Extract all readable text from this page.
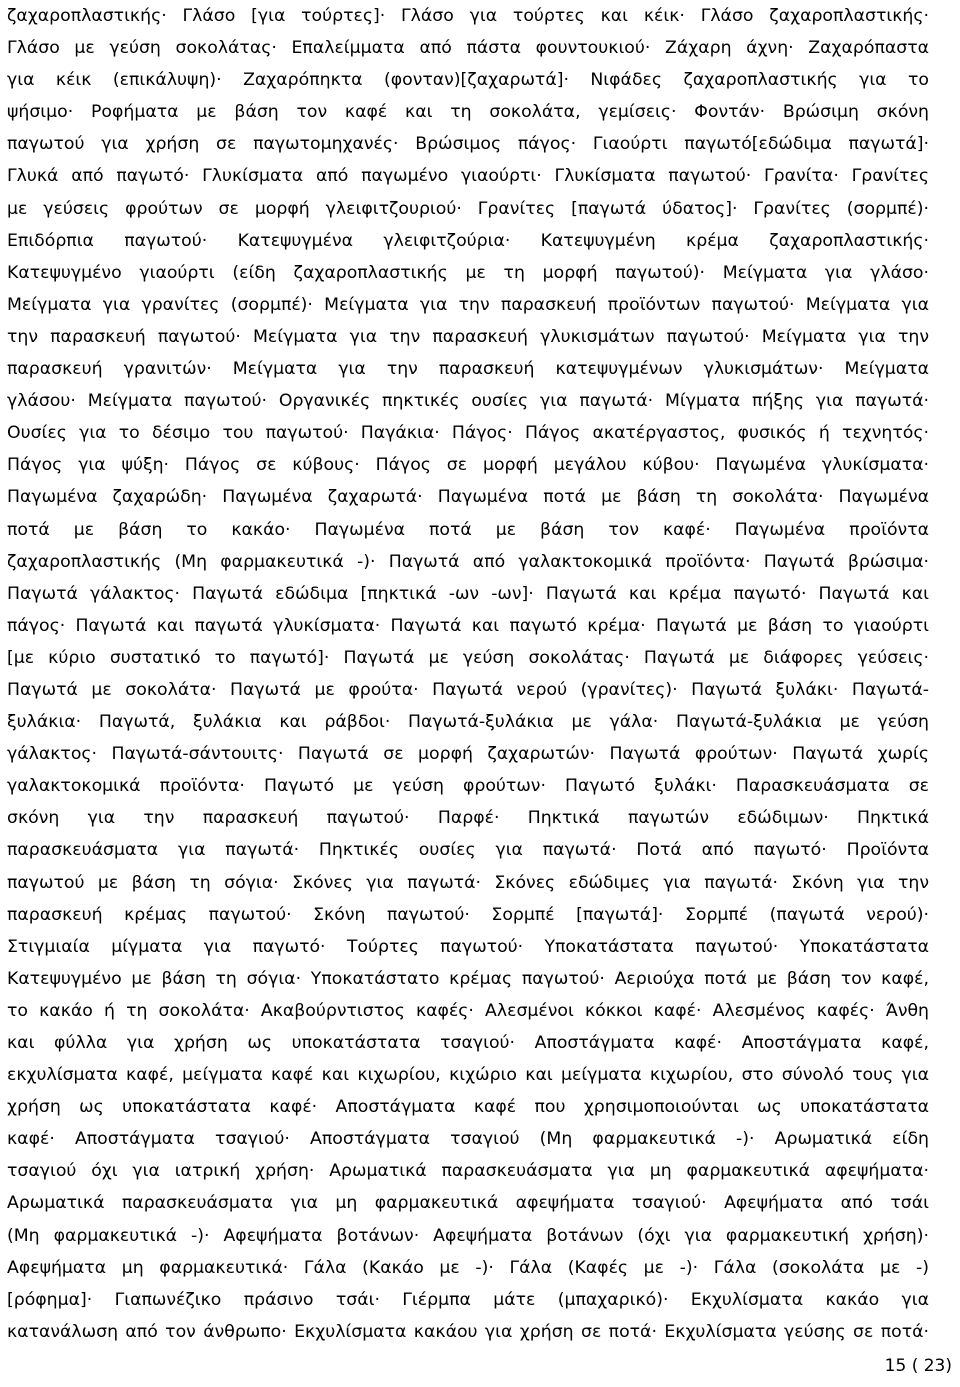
ζαχαροπλαστικής· Γλάσο [για τούρτες]· Γλάσο για τούρτες και κέικ· Γλάσο ζαχαροπλαστικής·
Γλάσο με γεύση σοκολάτας· Επαλείμματα από πάστα φουντουκιού· Ζάχαρη άχνη· Ζαχαρόπαστα
για κέικ (επικάλυψη)· Ζαχαρόπηκτα (φονταν)[ζαχαρωτά]· Νιφάδες ζαχαροπλαστικής για το
ψήσιμο· Ροφήματα με βάση τον καφέ και τη σοκολάτα, γεμίσεις· Φοντάν· Βρώσιμη σκόνη
παγωτού για χρήση σε παγωτομηχανές· Βρώσιμος πάγος· Γιαούρτι παγωτό[εδώδιμα παγωτά]·
Γλυκά από παγωτό· Γλυκίσματα από παγωμένο γιαούρτι· Γλυκίσματα παγωτού· Γρανίτα· Γρανίτες
με γεύσεις φρούτων σε μορφή γλειφιτζουριού· Γρανίτες [παγωτά ύδατος]· Γρανίτες (σορμπέ)·
Επιδόρπια παγωτού· Κατεψυγμένα γλειφιτζούρια· Κατεψυγμένη κρέμα ζαχαροπλαστικής·
Κατεψυγμένο γιαούρτι (είδη ζαχαροπλαστικής με τη μορφή παγωτού)· Μείγματα για γλάσο·
Μείγματα για γρανίτες (σορμπέ)· Μείγματα για την παρασκευή προϊόντων παγωτού· Μείγματα για
την παρασκευή παγωτού· Μείγματα για την παρασκευή γλυκισμάτων παγωτού· Μείγματα για την
παρασκευή γρανιτών· Μείγματα για την παρασκευή κατεψυγμένων γλυκισμάτων· Μείγματα
γλάσου· Μείγματα παγωτού· Οργανικές πηκτικές ουσίες για παγωτά· Μίγματα πήξης για παγωτά·
Ουσίες για το δέσιμο του παγωτού· Παγάκια· Πάγος· Πάγος ακατέργαστος, φυσικός ή τεχνητός·
Πάγος για ψύξη· Πάγος σε κύβους· Πάγος σε μορφή μεγάλου κύβου· Παγωμένα γλυκίσματα·
Παγωμένα ζαχαρώδη· Παγωμένα ζαχαρωτά· Παγωμένα ποτά με βάση τη σοκολάτα· Παγωμένα
ποτά με βάση το κακάο· Παγωμένα ποτά με βάση τον καφέ· Παγωμένα προϊόντα
ζαχαροπλαστικής (Μη φαρμακευτικά -)· Παγωτά από γαλακτοκομικά προϊόντα· Παγωτά βρώσιμα·
Παγωτά γάλακτος· Παγωτά εδώδιμα [πηκτικά -ων -ων]· Παγωτά και κρέμα παγωτό· Παγωτά και
πάγος· Παγωτά και παγωτά γλυκίσματα· Παγωτά και παγωτό κρέμα· Παγωτά με βάση το γιαούρτι
[με κύριο συστατικό το παγωτό]· Παγωτά με γεύση σοκολάτας· Παγωτά με διάφορες γεύσεις·
Παγωτά με σοκολάτα· Παγωτά με φρούτα· Παγωτά νερού (γρανίτες)· Παγωτά ξυλάκι· Παγωτά-
ξυλάκια· Παγωτά, ξυλάκια και ράβδοι· Παγωτά-ξυλάκια με γάλα· Παγωτά-ξυλάκια με γεύση
γάλακτος· Παγωτά-σάντουιτς· Παγωτά σε μορφή ζαχαρωτών· Παγωτά φρούτων· Παγωτά χωρίς
γαλακτοκομικά προϊόντα· Παγωτό με γεύση φρούτων· Παγωτό ξυλάκι· Παρασκευάσματα σε
σκόνη για την παρασκευή παγωτού· Παρφέ· Πηκτικά παγωτών εδώδιμων· Πηκτικά
παρασκευάσματα για παγωτά· Πηκτικές ουσίες για παγωτά· Ποτά από παγωτό· Προϊόντα
παγωτού με βάση τη σόγια· Σκόνες για παγωτά· Σκόνες εδώδιμες για παγωτά· Σκόνη για την
παρασκευή κρέμας παγωτού· Σκόνη παγωτού· Σορμπέ [παγωτά]· Σορμπέ (παγωτά νερού)·
Στιγμιαία μίγματα για παγωτό· Τούρτες παγωτού· Υποκατάστατα παγωτού· Υποκατάστατα
Κατεψυγμένο με βάση τη σόγια· Υποκατάστατο κρέμας παγωτού· Αεριούχα ποτά με βάση τον καφέ,
το κακάο ή τη σοκολάτα· Ακαβούρντιστος καφές· Αλεσμένοι κόκκοι καφέ· Αλεσμένος καφές· Άνθη
και φύλλα για χρήση ως υποκατάστατα τσαγιού· Αποστάγματα καφέ· Αποστάγματα καφέ,
εκχυλίσματα καφέ, μείγματα καφέ και κιχωρίου, κιχώριο και μείγματα κιχωρίου, στο σύνολό τους για
χρήση ως υποκατάστατα καφέ· Αποστάγματα καφέ που χρησιμοποιούνται ως υποκατάστατα
καφέ· Αποστάγματα τσαγιού· Αποστάγματα τσαγιού (Μη φαρμακευτικά -)· Αρωματικά είδη
τσαγιού όχι για ιατρική χρήση· Αρωματικά παρασκευάσματα για μη φαρμακευτικά αφεψήματα·
Αρωματικά παρασκευάσματα για μη φαρμακευτικά αφεψήματα τσαγιού· Αφεψήματα από τσάι
(Μη φαρμακευτικά -)· Αφεψήματα βοτάνων· Αφεψήματα βοτάνων (όχι για φαρμακευτική χρήση)·
Αφεψήματα μη φαρμακευτικά· Γάλα (Κακάο με -)· Γάλα (Καφές με -)· Γάλα (σοκολάτα με -)
[ρόφημα]· Γιαπωνέζικο πράσινο τσάι· Γιέρμπα μάτε (μπαχαρικό)· Εκχυλίσματα κακάο για
κατανάλωση από τον άνθρωπο· Εκχυλίσματα κακάου για χρήση σε ποτά· Εκχυλίσματα γεύσης σε ποτά·
15 ( 23)
